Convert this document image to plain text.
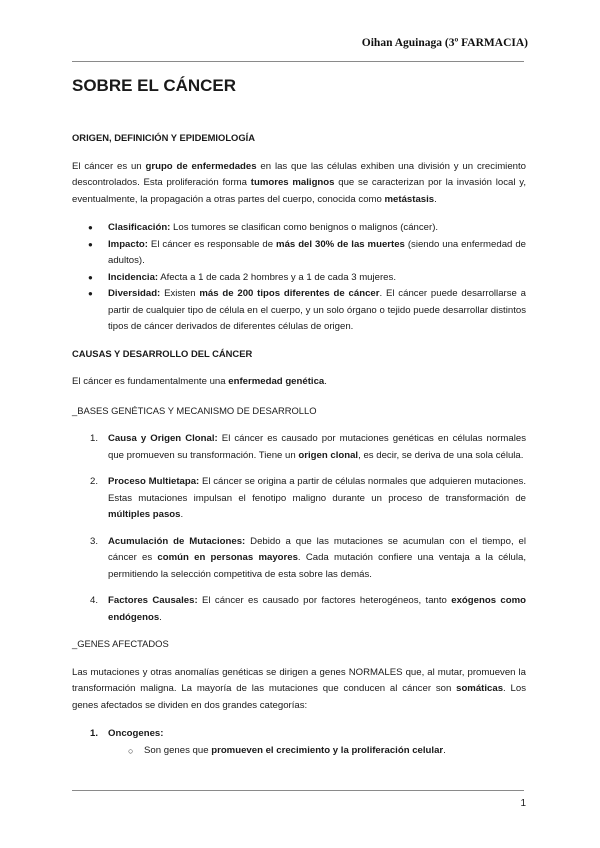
Oihan Aguinaga (3º FARMACIA)
SOBRE EL CÁNCER
ORIGEN, DEFINICIÓN Y EPIDEMIOLOGÍA

El cáncer es un grupo de enfermedades en las que las células exhiben una división y un crecimiento descontrolados. Esta proliferación forma tumores malignos que se caracterizan por la invasión local y, eventualmente, la propagación a otras partes del cuerpo, conocida como metástasis.

● Clasificación: Los tumores se clasifican como benignos o malignos (cáncer).
● Impacto: El cáncer es responsable de más del 30% de las muertes (siendo una enfermedad de adultos).
● Incidencia: Afecta a 1 de cada 2 hombres y a 1 de cada 3 mujeres.
● Diversidad: Existen más de 200 tipos diferentes de cáncer. El cáncer puede desarrollarse a partir de cualquier tipo de célula en el cuerpo, y un solo órgano o tejido puede desarrollar distintos tipos de cáncer derivados de diferentes células de origen.
CAUSAS Y DESARROLLO DEL CÁNCER

El cáncer es fundamentalmente una enfermedad genética.

_BASES GENÉTICAS Y MECANISMO DE DESARROLLO
1. Causa y Origen Clonal: El cáncer es causado por mutaciones genéticas en células normales que promueven su transformación. Tiene un origen clonal, es decir, se deriva de una sola célula.
2. Proceso Multietapa: El cáncer se origina a partir de células normales que adquieren mutaciones. Estas mutaciones impulsan el fenotipo maligno durante un proceso de transformación de múltiples pasos.
3. Acumulación de Mutaciones: Debido a que las mutaciones se acumulan con el tiempo, el cáncer es común en personas mayores. Cada mutación confiere una ventaja a la célula, permitiendo la selección competitiva de esta sobre las demás.
4. Factores Causales: El cáncer es causado por factores heterogéneos, tanto exógenos como endógenos.
_GENES AFECTADOS

Las mutaciones y otras anomalías genéticas se dirigen a genes NORMALES que, al mutar, promueven la transformación maligna. La mayoría de las mutaciones que conducen al cáncer son somáticas. Los genes afectados se dividen en dos grandes categorías:

1. Oncogenes:
○ Son genes que promueven el crecimiento y la proliferación celular.
1
